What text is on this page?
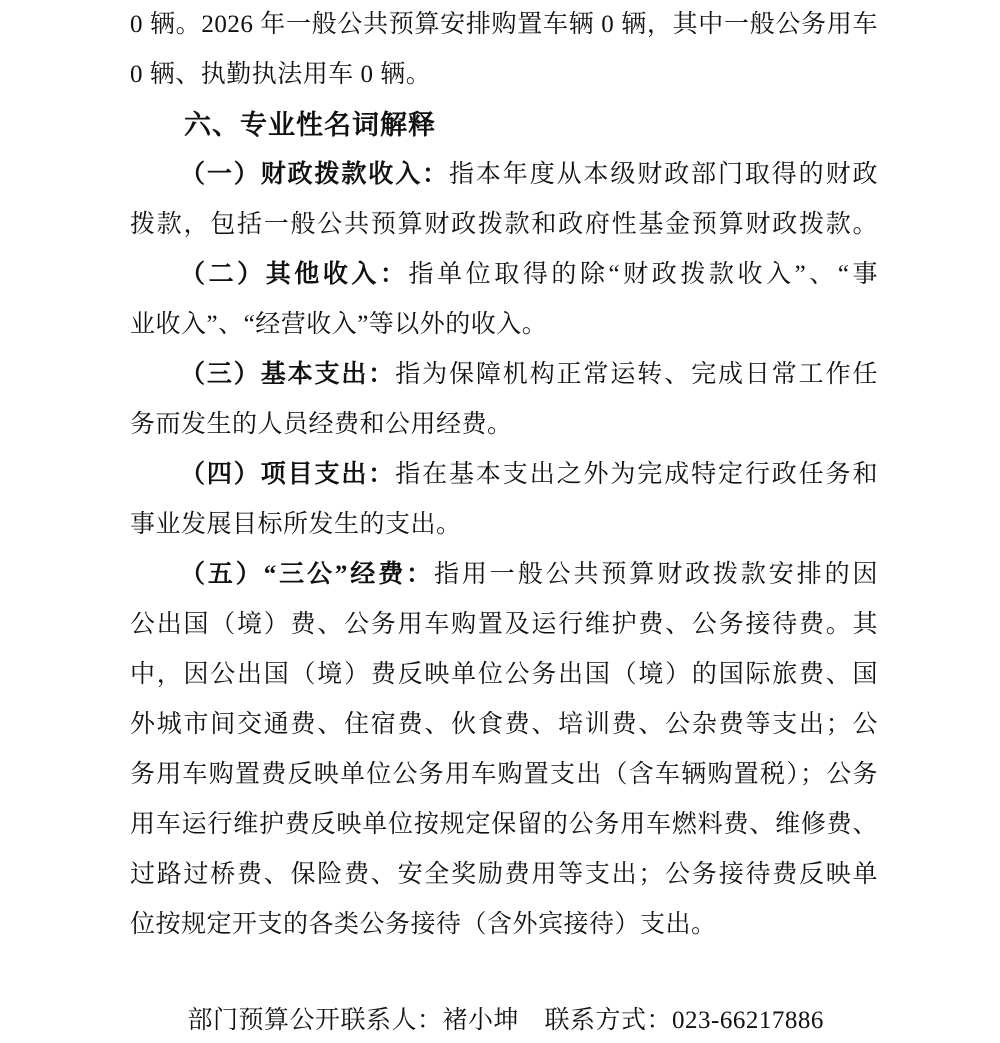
0 辆。2026 年一般公共预算安排购置车辆 0 辆，其中一般公务用车
0 辆、执勤执法用车 0 辆。
六、专业性名词解释
（一）财政拨款收入：指本年度从本级财政部门取得的财政
拨款，包括一般公共预算财政拨款和政府性基金预算财政拨款。
（二）其他收入：指单位取得的除“财政拨款收入”、“事
业收入”、“经营收入”等以外的收入。
（三）基本支出：指为保障机构正常运转、完成日常工作任
务而发生的人员经费和公用经费。
（四）项目支出：指在基本支出之外为完成特定行政任务和
事业发展目标所发生的支出。
（五）“三公”经费：指用一般公共预算财政拨款安排的因
公出国（境）费、公务用车购置及运行维护费、公务接待费。其
中，因公出国（境）费反映单位公务出国（境）的国际旅费、国
外城市间交通费、住宿费、伙食费、培训费、公杂费等支出；公
务用车购置费反映单位公务用车购置支出（含车辆购置税）；公务
用车运行维护费反映单位按规定保留的公务用车燃料费、维修费、
过路过桥费、保险费、安全奖励费用等支出；公务接待费反映单
位按规定开支的各类公务接待（含外宾接待）支出。
部门预算公开联系人：褚小坤　联系方式：023-66217886
